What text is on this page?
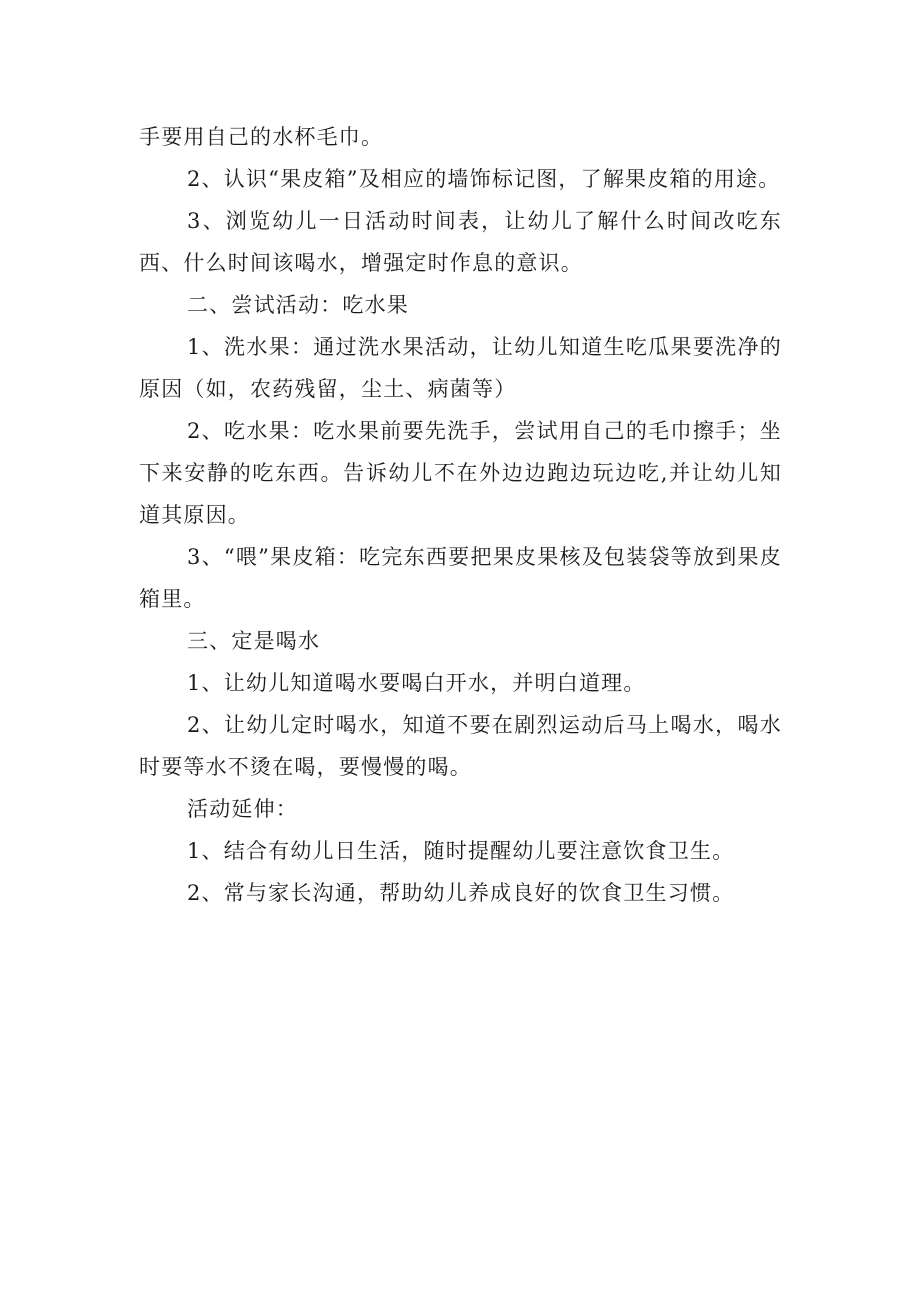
手要用自己的水杯毛巾。

2、认识“果皮箱”及相应的墙饰标记图，了解果皮箱的用途。

3、浏览幼儿一日活动时间表，让幼儿了解什么时间改吃东西、什么时间该喝水，增强定时作息的意识。

二、尝试活动：吃水果

1、洗水果：通过洗水果活动，让幼儿知道生吃瓜果要洗净的原因（如，农药残留，尘土、病菌等）

2、吃水果：吃水果前要先洗手，尝试用自己的毛巾擦手；坐下来安静的吃东西。告诉幼儿不在外边边跑边玩边吃,并让幼儿知道其原因。

3、“喂”果皮箱：吃完东西要把果皮果核及包装袋等放到果皮箱里。

三、定是喝水

1、让幼儿知道喝水要喝白开水，并明白道理。

2、让幼儿定时喝水，知道不要在剧烈运动后马上喝水，喝水时要等水不烫在喝，要慢慢的喝。

活动延伸：

1、结合有幼儿日生活，随时提醒幼儿要注意饮食卫生。

2、常与家长沟通，帮助幼儿养成良好的饮食卫生习惯。
